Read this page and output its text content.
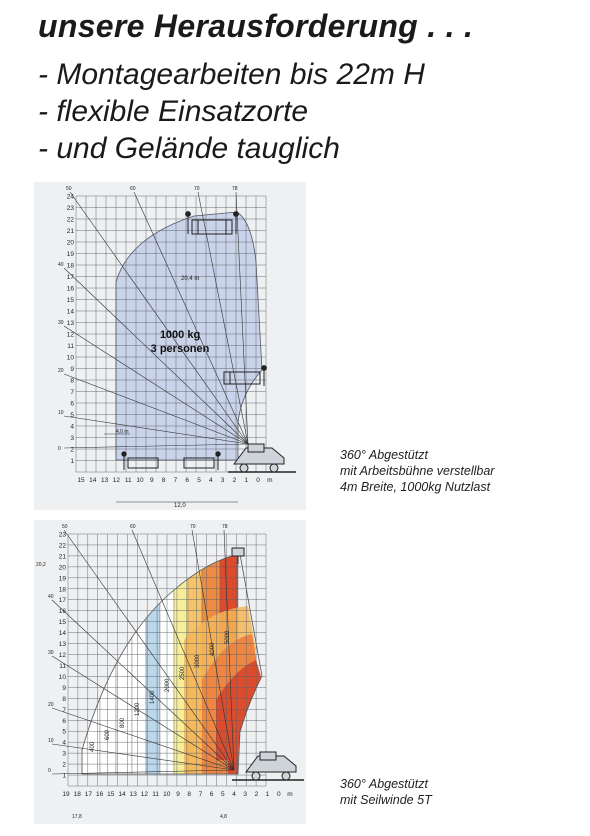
unsere Herausforderung . . .
- Montagearbeiten bis 22m H
- flexible Einsatzorte
- und Gelände tauglich
1
2
3
4
5
6
7
8
9
10
11
12
13
14
15
16
17
18
19
20
21
22
23
24
15 14 13 12 11 10 9 8 7 6 5 4 3 2 1 0 m
1000 kg
3 personen
20,4 m
12,0
4,0 m
50	60	70	78
40
30
20
10
0	360° Abgestützt
mit Arbeitsbühne verstellbar
4m Breite, 1000kg Nutzlast

1
2
3
4
5
6
7
8
9
10
11
12
13
14
15
16
17
18
19
20
21
22
23
19 18 17 16 15 14 13 12 11 10 9 8 7 6 5 4 3 2 1 0 m
400
600
800
1200
1400
2000
2500
3000
4000
5000
20,2
17,8	4,8
50	60	70	78
40
30
20
10
0

360° Abgestützt
mit Seilwinde 5T
